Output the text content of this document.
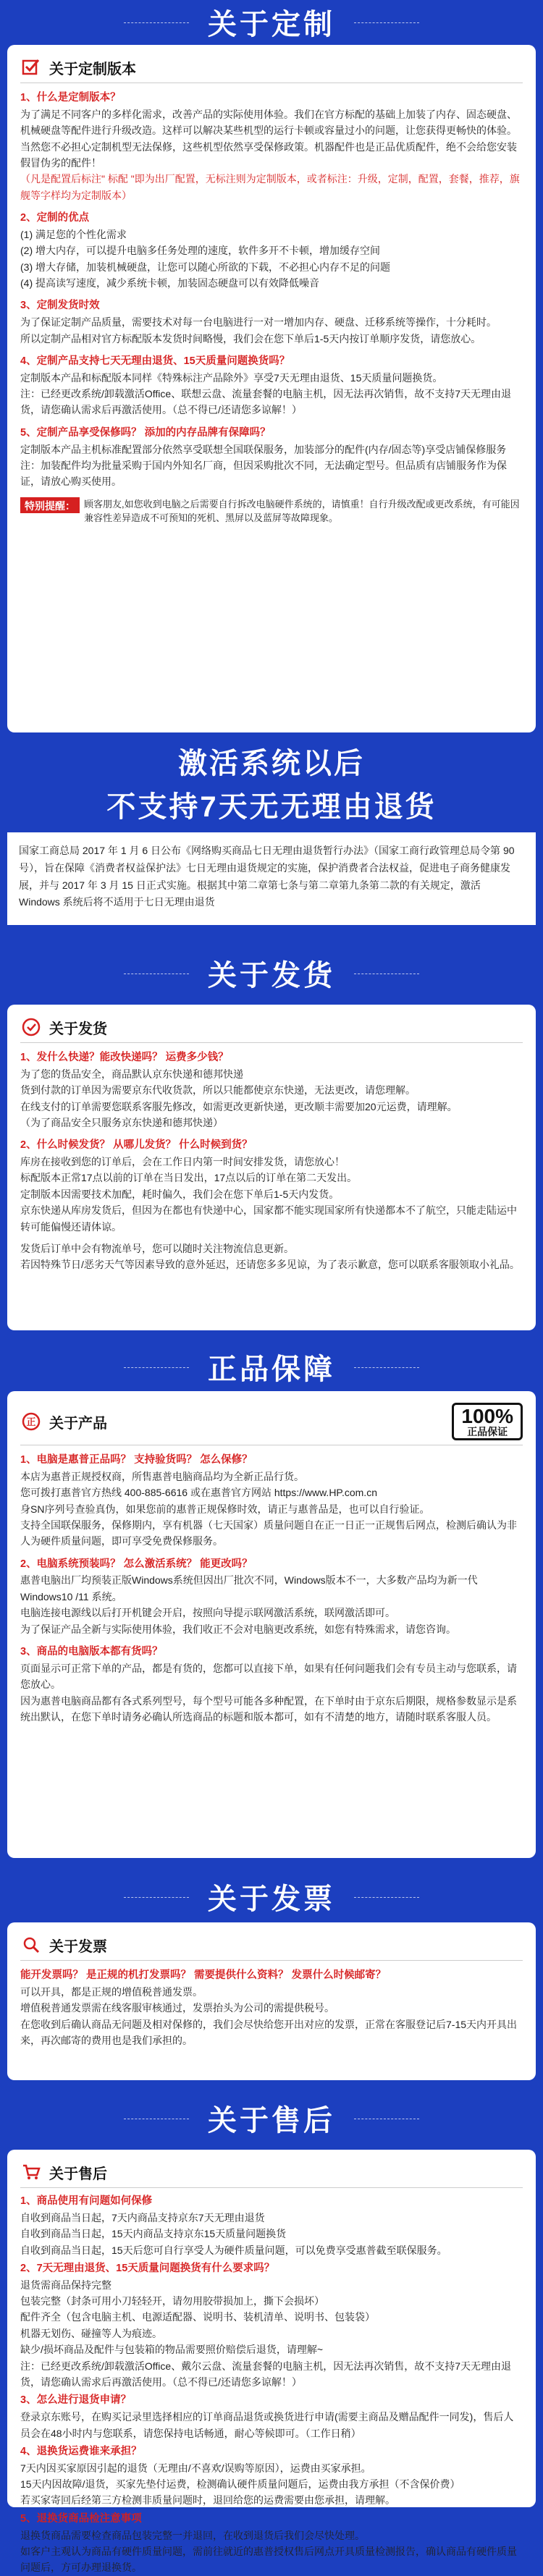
关于定制
关于定制版本
1、什么是定制版本？
为了满足不同客户的多样化需求，改善产品的实际使用体验。我们在官方标配的基础上加装了内存、固态硬盘、机械硬盘等配件进行升级改造。这样可以解决某些机型的运行卡顿或容量过小的问题，让您获得更畅快的体验。
当然您不必担心定制机型无法保修，这些机型依然享受保修政策。机器配件也是正品优质配件，绝不会给您安装假冒伪劣的配件！
（凡是配置后标注" 标配 "即为出厂配置，无标注则为定制版本，或者标注：升级，定制，配置，套餐，推荐，旗舰等字样均为定制版本）
2、定制的优点
(1) 满足您的个性化需求
(2) 增大内存，可以提升电脑多任务处理的速度，软件多开不卡顿，增加缓存空间
(3) 增大存储，加装机械硬盘，让您可以随心所欲的下载，不必担心内存不足的问题
(4) 提高读写速度，减少系统卡顿，加装固态硬盘可以有效降低噪音
3、定制发货时效
为了保证定制产品质量，需要技术对每一台电脑进行一对一增加内存、硬盘、迁移系统等操作，十分耗时。
所以定制产品相对官方标配版本发货时间略慢，我们会在您下单后1-5天内按订单顺序发货，请您放心。
4、定制产品支持七天无理由退货、15天质量问题换货吗？
定制版本产品和标配版本同样《特殊标注产品除外》享受7天无理由退货、15天质量问题换货。
注：已经更改系统/卸载激活Office、联想云盘、流量套餐的电脑主机，因无法再次销售，故不支持7天无理由退货，请您确认需求后再激活使用。（总不得已/还请您多谅解！）
5、定制产品享受保修吗？ 添加的内存品牌有保障吗？
定制版本产品主机标准配置部分依然享受联想全国联保服务，加装部分的配件(内存/固态等)享受店铺保修服务
注：加装配件均为批量采购于国内外知名厂商，但因采购批次不同，无法确定型号。但品质有店铺服务作为保证，请放心购买使用。
特别提醒： 顾客朋友,如您收到电脑之后需要自行拆改电脑硬件系统的，请慎重！自行升级改配或更改系统，有可能因兼容性差异造成不可预知的死机、黑屏以及蓝屏等故障现象。
激活系统以后
不支持7天无无理由退货
国家工商总局 2017 年 1 月 6 日公布《网络购买商品七日无理由退货暂行办法》（国家工商行政管理总局令第 90 号），旨在保障《消费者权益保护法》七日无理由退货规定的实施，保护消费者合法权益，促进电子商务健康发展，并与 2017 年 3 月 15 日正式实施。根据其中第二章第七条与第二章第九条第二款的有关规定，激活 Windows 系统后将不适用于七日无理由退货
关于发货
关于发货
1、发什么快递？能改快递吗？ 运费多少钱？
为了您的货品安全，商品默认京东快递和德邦快递
货到付款的订单因为需要京东代收货款，所以只能都使京东快递，无法更改，请您理解。
在线支付的订单需要您联系客服先修改，如需更改更新快递，更改顺丰需要加20元运费，请理解。
（为了商品安全只服务京东快递和德邦快递）
2、什么时候发货？ 从哪儿发货？ 什么时候到货？
库房在接收到您的订单后，会在工作日内第一时间安排发货，请您放心！
标配版本正常17点以前的订单在当日发出，17点以后的订单在第二天发出。
定制版本因需要技术加配，耗时偏久，我们会在您下单后1-5天内发货。
京东快递从库房发货后，但因为在都也有快递中心，国家都不能实现国家所有快递都本不了航空，只能走陆运中转可能偏慢还请体谅。
发货后订单中会有物流单号，您可以随时关注物流信息更新。
若因特殊节日/恶劣天气等因素导致的意外延迟，还请您多多见谅，为了表示歉意，您可以联系客服领取小礼品。
正品保障
正 关于产品	100%
正品保证
1、电脑是惠普正品吗？ 支持验货吗？ 怎么保修？
本店为惠普正规授权商，所售惠普电脑商品均为全新正品行货。
您可拨打惠普官方热线 400-885-6616 或在惠普官方网站 https://www.HP.com.cn
身SN序列号查验真伪，如果您前的惠普正规保修时效，请正与惠普品是，也可以自行验证。
支持全国联保服务，保修期内，享有机器（七天国家）质量问题自在正一日正一正规售后网点，检测后确认为非人为硬件质量问题，即可享受免费保修服务。
2、电脑系统预装吗？ 怎么激活系统？ 能更改吗？
惠普电脑出厂均预装正版Windows系统但因出厂批次不同，Windows版本不一，大多数产品均为新一代Windows10 /11 系统。
电脑连接电源线以后打开机键会开启，按照向导提示联网激活系统，联网激活即可。
为了保证产品全新与实际使用体验，我们收正不会对电脑更改系统，如您有特殊需求，请您咨询。
3、商品的电脑版本都有货吗？
页面显示可正常下单的产品，都是有货的，您都可以直接下单，如果有任何问题我们会有专员主动与您联系，请您放心。
因为惠普电脑商品都有各式系列型号，每个型号可能各多种配置，在下单时由于京东后期限，规格参数显示是系统出默认，在您下单时请务必确认所选商品的标题和版本都可，如有不清楚的地方，请随时联系客服人员。
关于发票
关于发票
能开发票吗？ 是正规的机打发票吗？ 需要提供什么资料？ 发票什么时候邮寄？
可以开具，都是正规的增值税普通发票。
增值税普通发票需在线客服审核通过，发票抬头为公司的需提供税号。
在您收到后确认商品无问题及相对保修的，我们会尽快给您开出对应的发票，正常在客服登记后7-15天内开具出来，再次邮寄的费用也是我们承担的。
关于售后
关于售后
1、商品使用有问题如何保修
自收到商品当日起，7天内商品支持京东7天无理由退货
自收到商品当日起，15天内商品支持京东15天质量问题换货
自收到商品当日起，15天后您可自行享受人为硬件质量问题，可以免费享受惠普截至联保服务。
2、7天无理由退货、15天质量问题换货有什么要求吗？
退货需商品保持完整
包装完整（封条可用小刀轻轻开，请勿用胶带损加上，撕下会损坏）
配件齐全（包含电脑主机、电源适配器、说明书、装机清单、说明书、包装袋）
机器无划伤、碰撞等人为痕迹。
缺少/损坏商品及配件与包装箱的物品需要照价赔偿后退货，请理解~
注：已经更改系统/卸载激活Office、戴尔云盘、流量套餐的电脑主机，因无法再次销售，故不支持7天无理由退货，请您确认需求后再激活使用。（总不得已/还请您多谅解！）
3、怎么进行退货申请？
登录京东账号，在购买记录里选择相应的订单商品退货或换货进行申请(需要主商品及赠品配件一同发)，售后人员会在48小时内与您联系，请您保持电话畅通，耐心等候即可。（工作日稍）
4、退换货运费谁来承担？
7天内因买家原因引起的退货（无理由/不喜欢/误购等原因），运费由买家承担。
15天内因故障/退货，买家先垫付运费，检测确认硬件质量问题后，运费由我方承担（不含保价费）
若买家寄回后经第三方检测非质量问题时，退回给您的运费需要由您承担，请理解。
5、退换货商品检注意事项
退换货商品需要检查商品包装完整一并退回，在收到退货后我们会尽快处理。
如客户主观认为商品有硬件质量问题，需前往就近的惠普授权售后网点开具质量检测报告，确认商品有硬件质量问题后，方可办理退换货。
